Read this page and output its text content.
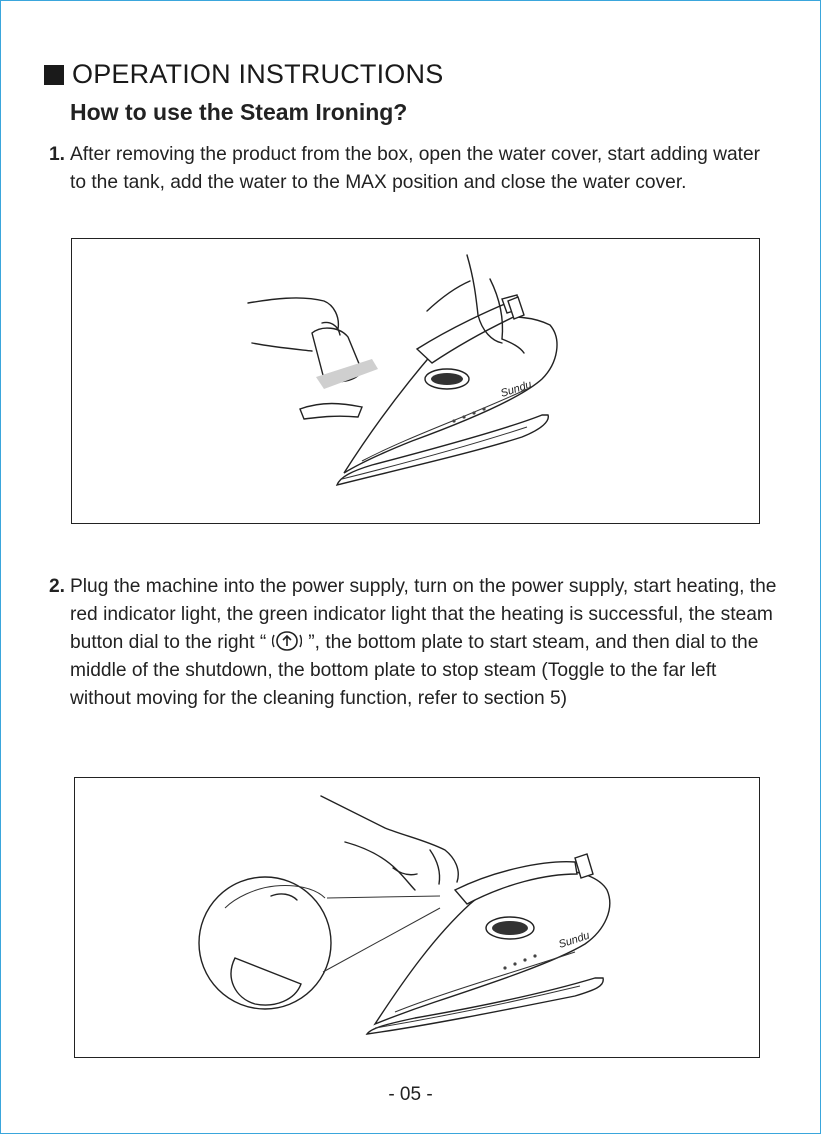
OPERATION INSTRUCTIONS
How to use the Steam Ironing?
1. After removing the product from the box, open the water cover, start adding water to the tank, add the water to the MAX position and close the water cover.
Sundu
2. Plug the machine into the power supply, turn on the power supply, start heating, the red indicator light, the green indicator light that the heating is successful, the steam button dial to the right “ ”, the bottom plate to start steam, and then dial to the middle of the shutdown, the bottom plate to stop steam (Toggle to the far left without moving for the cleaning function, refer to section 5)
Sundu
- 05 -
